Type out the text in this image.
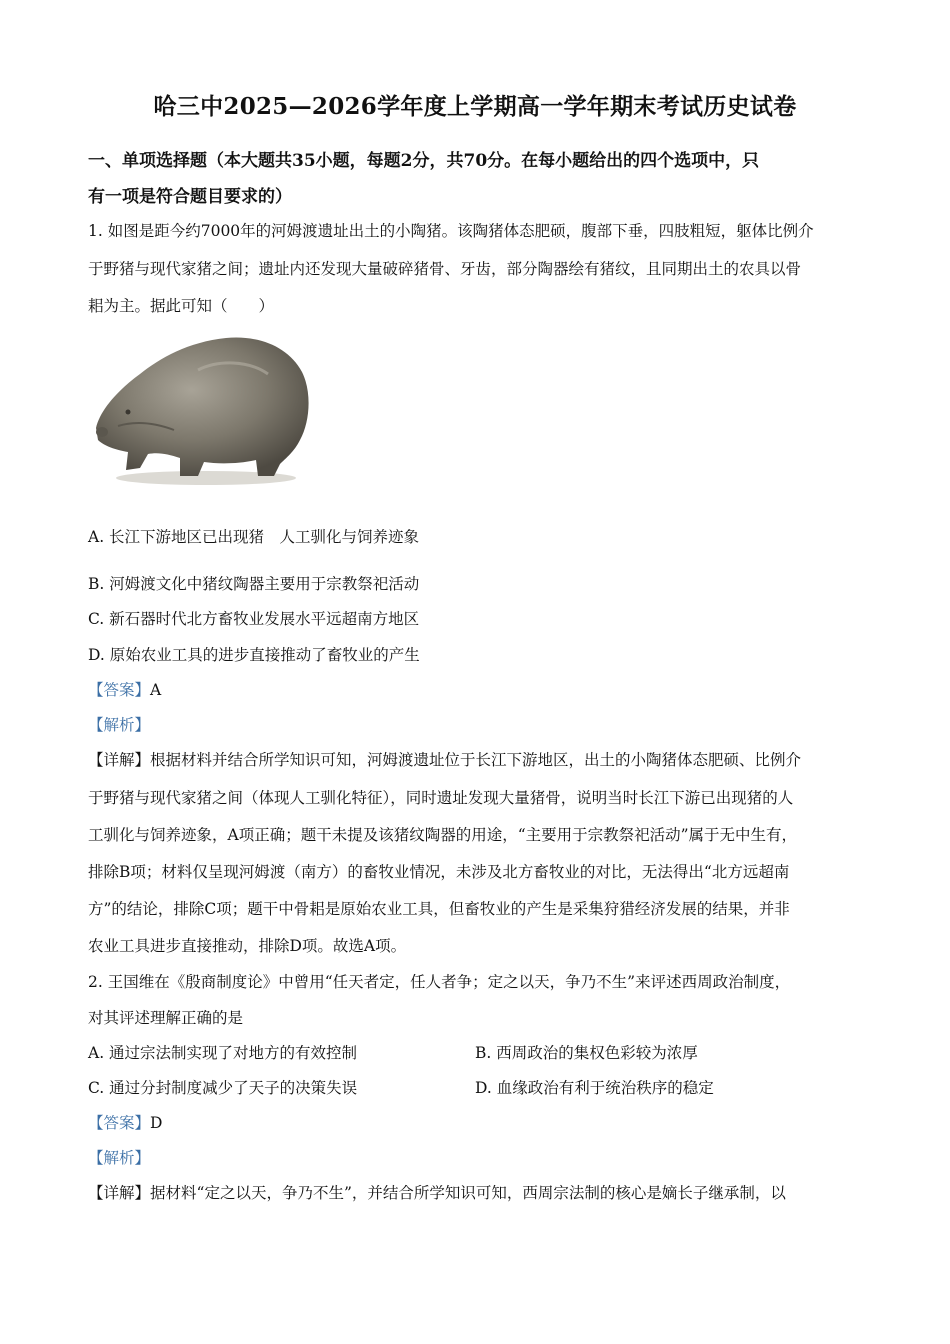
哈三中2025—2026学年度上学期高一学年期末考试历史试卷
一、单项选择题（本大题共35小题，每题2分，共70分。在每小题给出的四个选项中，只
有一项是符合题目要求的）
1. 如图是距今约7000年的河姆渡遗址出土的小陶猪。该陶猪体态肥硕，腹部下垂，四肢粗短，躯体比例介
于野猪与现代家猪之间；遗址内还发现大量破碎猪骨、牙齿，部分陶器绘有猪纹，且同期出土的农具以骨
耜为主。据此可知（　　）
A. 长江下游地区已出现猪　人工驯化与饲养迹象
B. 河姆渡文化中猪纹陶器主要用于宗教祭祀活动
C. 新石器时代北方畜牧业发展水平远超南方地区
D. 原始农业工具的进步直接推动了畜牧业的产生
【答案】A
【解析】
【详解】根据材料并结合所学知识可知，河姆渡遗址位于长江下游地区，出土的小陶猪体态肥硕、比例介
于野猪与现代家猪之间（体现人工驯化特征），同时遗址发现大量猪骨，说明当时长江下游已出现猪的人
工驯化与饲养迹象，A项正确；题干未提及该猪纹陶器的用途，“主要用于宗教祭祀活动”属于无中生有，
排除B项；材料仅呈现河姆渡（南方）的畜牧业情况，未涉及北方畜牧业的对比，无法得出“北方远超南
方”的结论，排除C项；题干中骨耜是原始农业工具，但畜牧业的产生是采集狩猎经济发展的结果，并非
农业工具进步直接推动，排除D项。故选A项。
2. 王国维在《殷商制度论》中曾用“任天者定，任人者争；定之以天，争乃不生”来评述西周政治制度，
对其评述理解正确的是
A. 通过宗法制实现了对地方的有效控制	B. 西周政治的集权色彩较为浓厚
C. 通过分封制度减少了天子的决策失误	D. 血缘政治有利于统治秩序的稳定
【答案】D
【解析】
【详解】据材料“定之以天，争乃不生”，并结合所学知识可知，西周宗法制的核心是嫡长子继承制，以
